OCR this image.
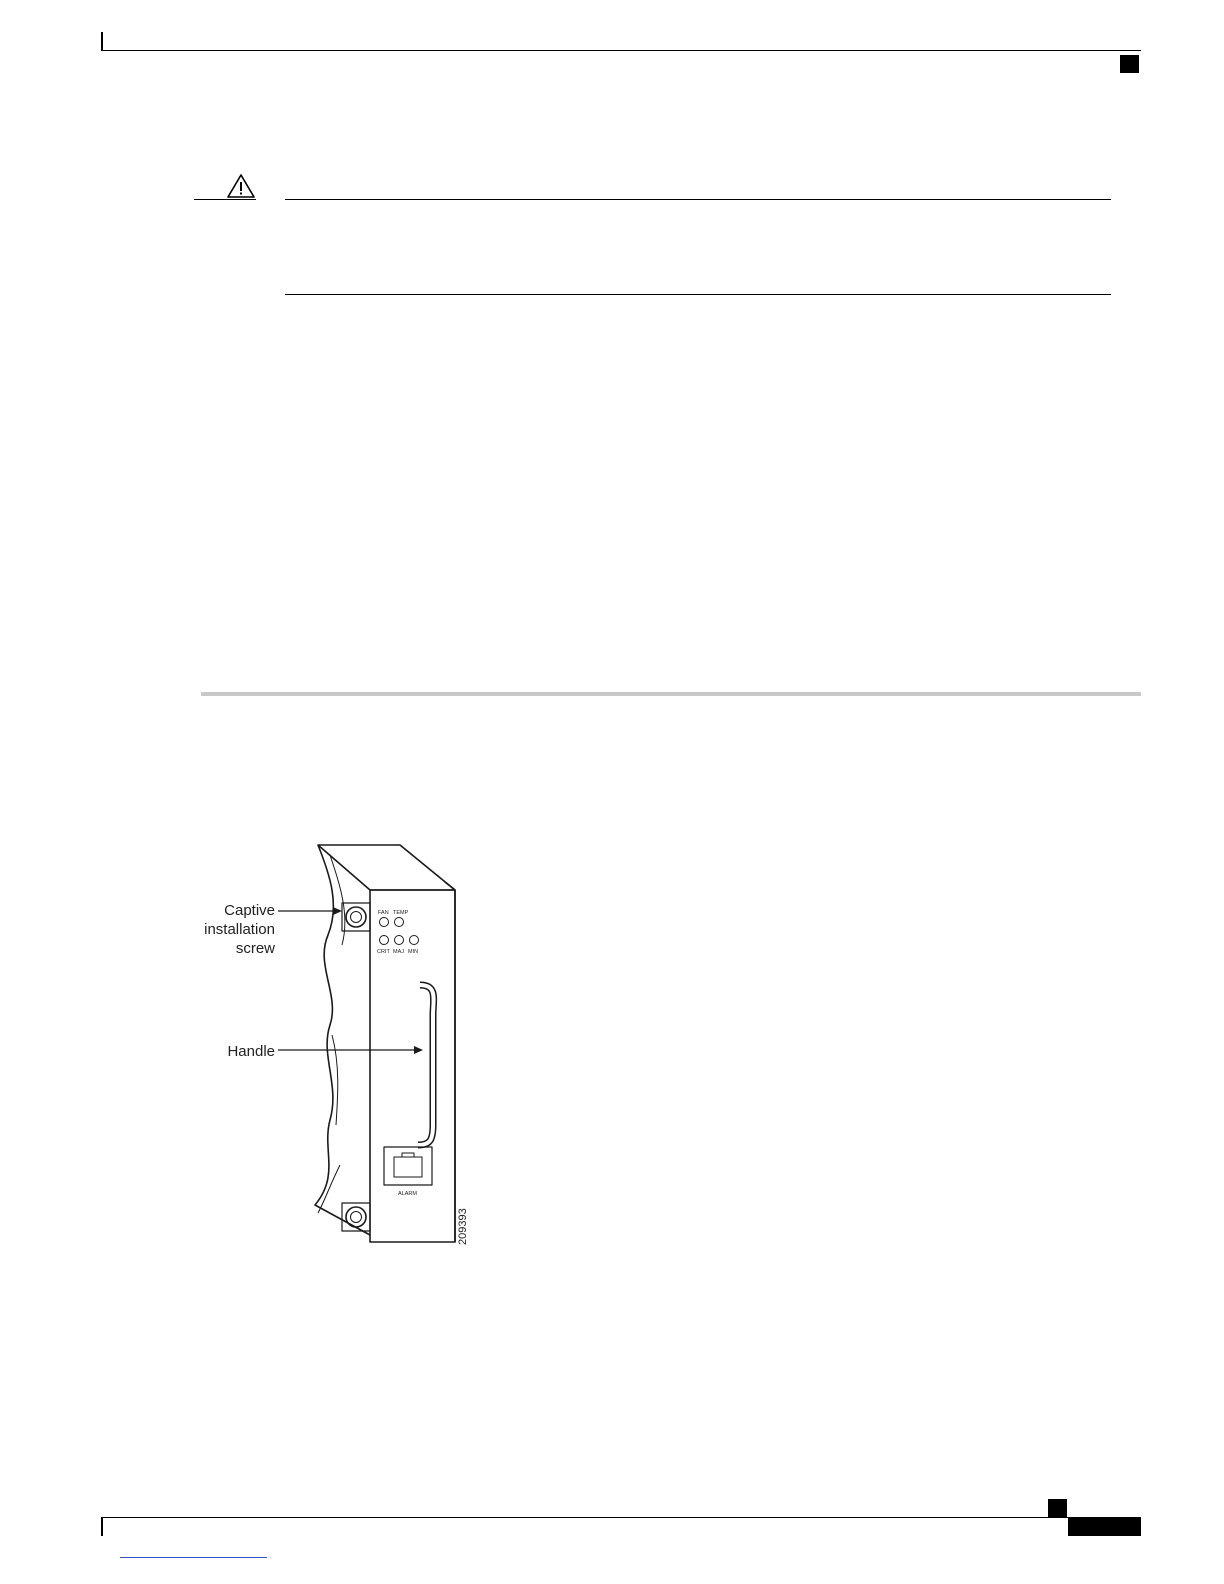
Captive
installation
screw
Handle
FAN TEMP
CRIT MAJ MIN
ALARM
209393
